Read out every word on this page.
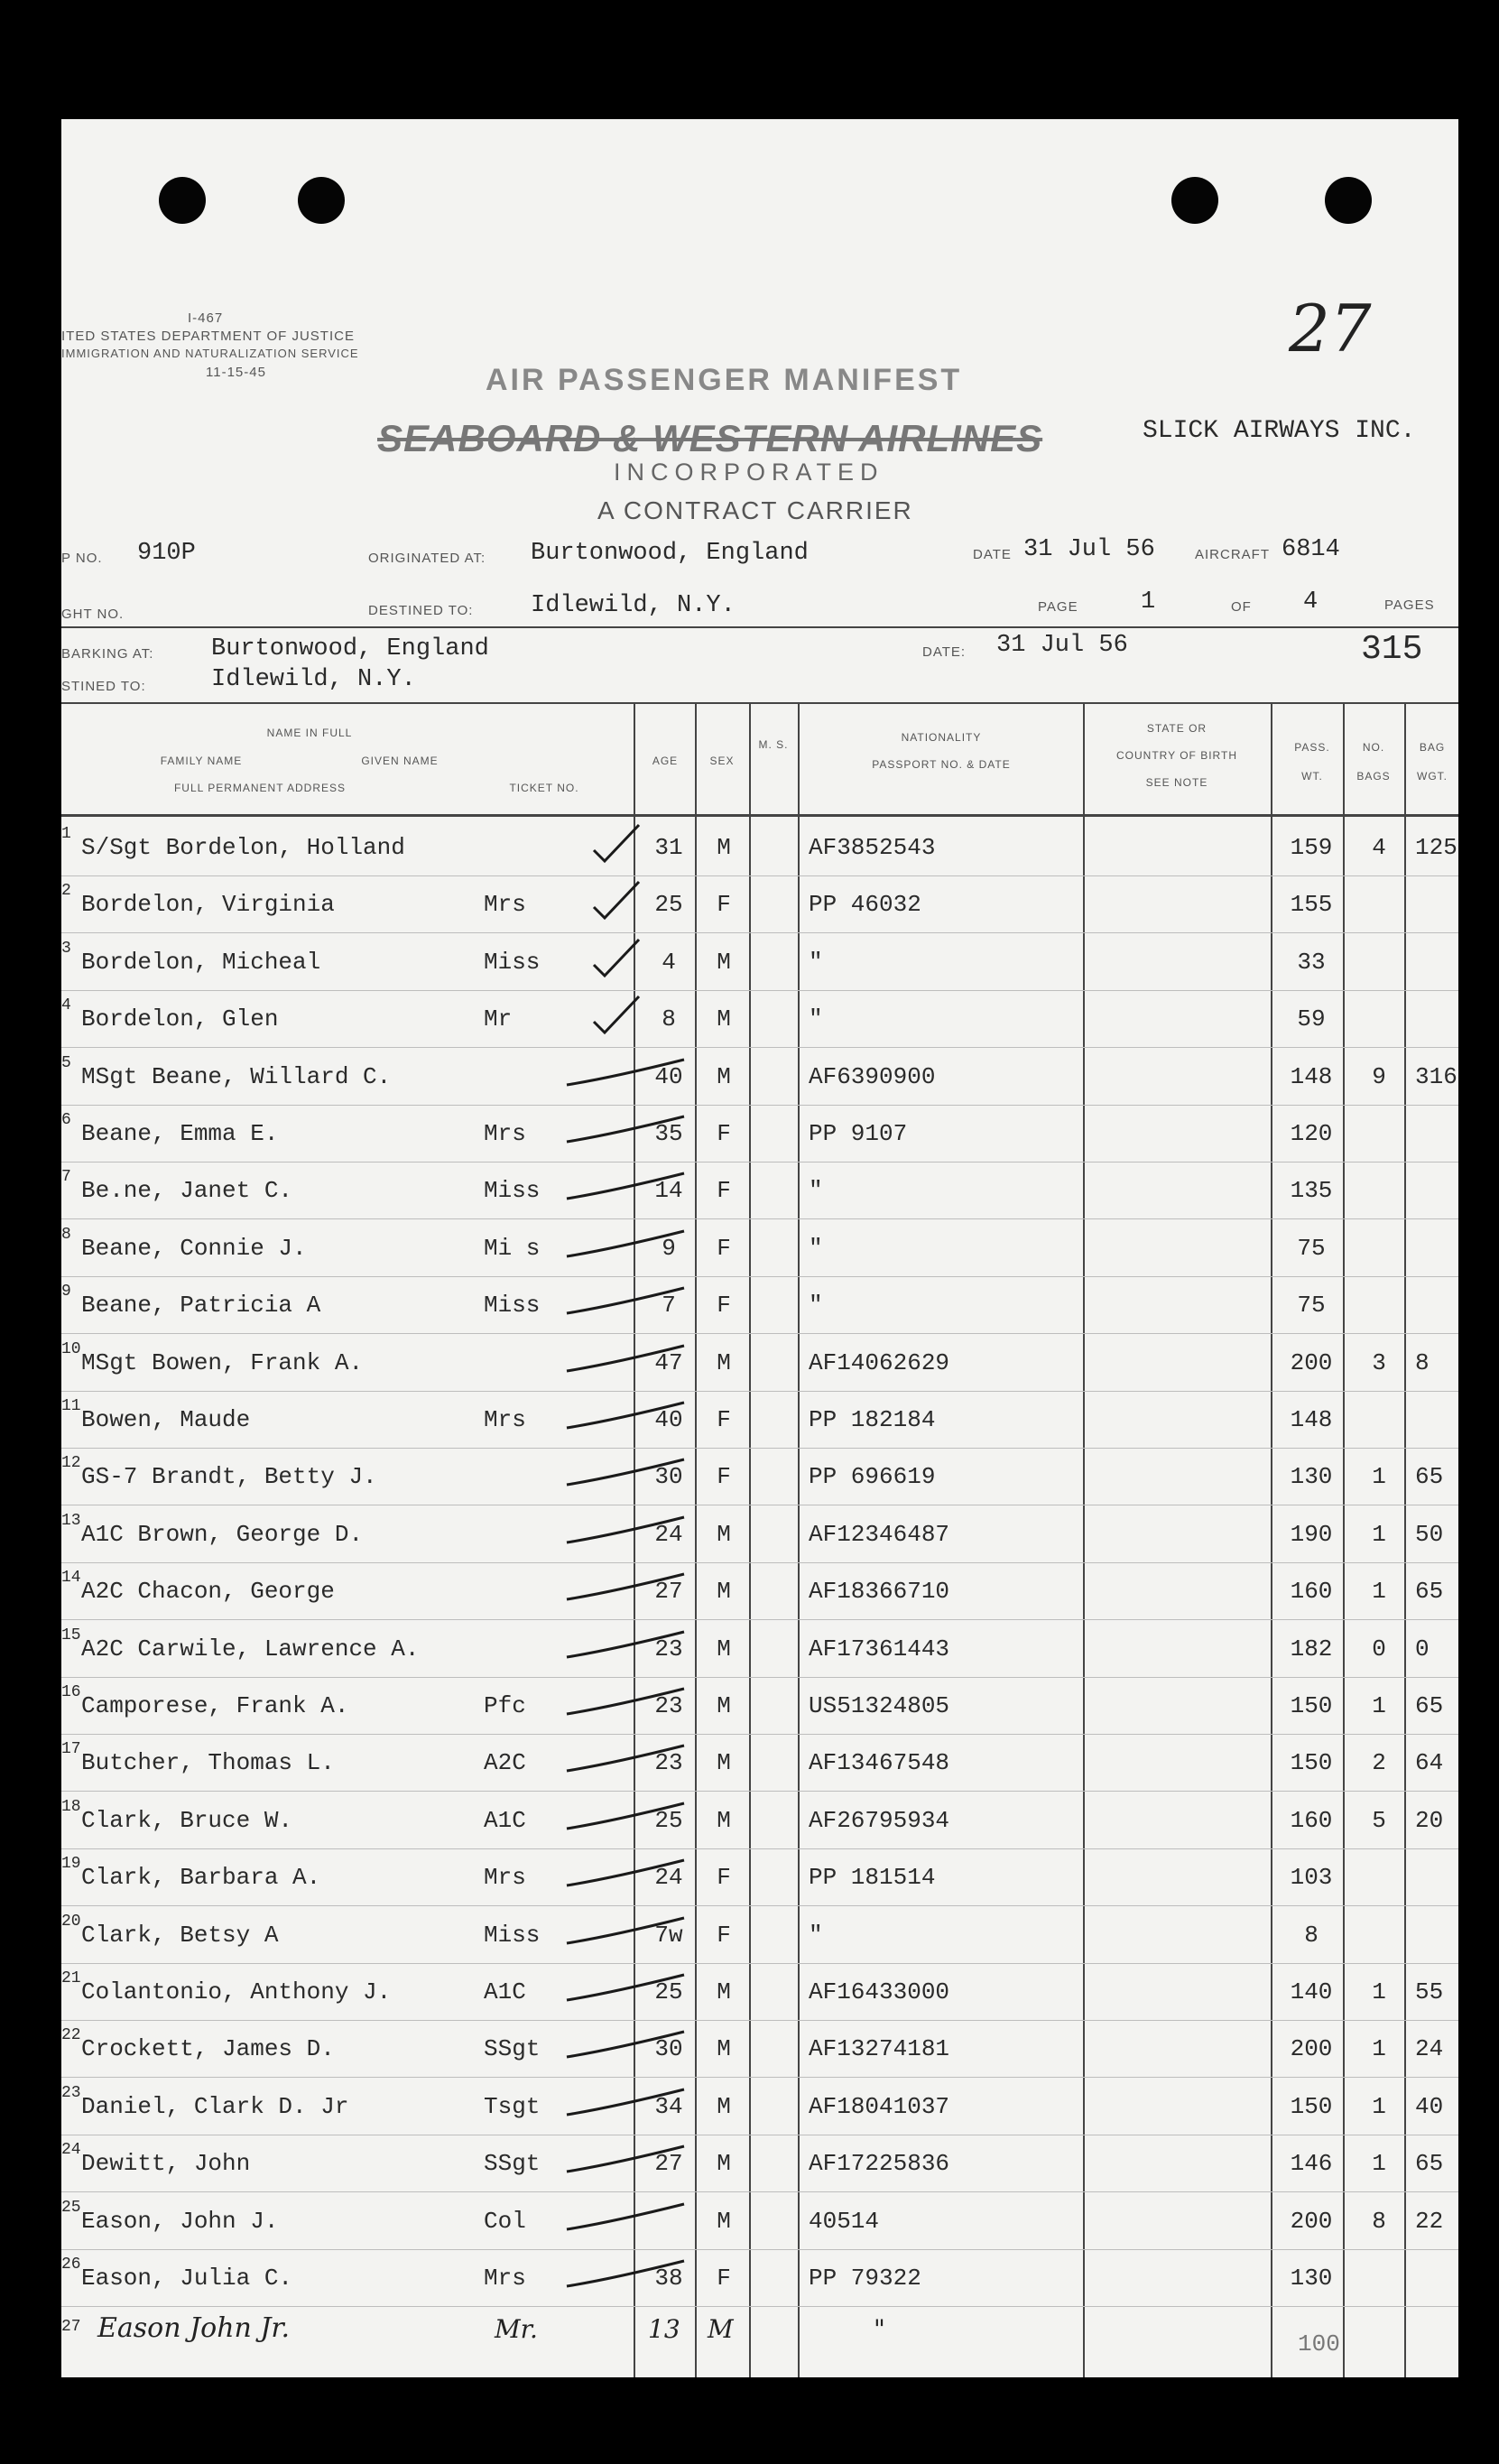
I-467
ITED STATES DEPARTMENT OF JUSTICE
IMMIGRATION AND NATURALIZATION SERVICE
11-15-45
27
AIR PASSENGER MANIFEST
SEABOARD & WESTERN AIRLINES	SLICK AIRWAYS INC.
INCORPORATED
A CONTRACT CARRIER
P NO. 910P	ORIGINATED AT: Burtonwood, England	DATE 31 Jul 56	AIRCRAFT 6814
GHT NO.	DESTINED TO: Idlewild, N.Y.	PAGE	1	OF 4	PAGES
BARKING AT: Burtonwood, England	DATE: 31 Jul 56	315
STINED TO:	Idlewild, N.Y.
NAME IN FULL
FAMILY NAME	GIVEN NAME
FULL PERMANENT ADDRESS	TICKET NO.
AGE	SEX
M. S.
NATIONALITY
PASSPORT NO. & DATE
STATE OR
COUNTRY OF BIRTH
SEE NOTE
PASS. WT.
NO. BAGS
BAG WGT.
1 S/Sgt Bordelon, Holland	31	M	AF3852543	159	4	125
2 Bordelon, Virginia	Mrs	25	F	PP 46032	155
3 Bordelon, Micheal	Miss	4	M	"	33
4 Bordelon, Glen	Mr	8	M	"	59
5 MSgt Beane, Willard C.	40	M	AF6390900	148	9	316
6 Beane, Emma E.	Mrs	35	F	PP 9107	120
7 Be.ne, Janet C.	Miss	14	F	"	135
8 Beane, Connie J.	Mi s	9	F	"	75
9 Beane, Patricia A	Miss	7	F	"	75
10 MSgt Bowen, Frank A.	47	M	AF14062629	200	3	8
11 Bowen, Maude	Mrs	40	F	PP 182184	148
12 GS-7 Brandt, Betty J.	30	F	PP 696619	130	1	65
13 A1C Brown, George D.	24	M	AF12346487	190	1	50
14 A2C Chacon, George	27	M	AF18366710	160	1	65
15 A2C Carwile, Lawrence A.	23	M	AF17361443	182	0	0
16 Camporese, Frank A.	Pfc	23	M	US51324805	150	1	65
17 Butcher, Thomas L.	A2C	23	M	AF13467548	150	2	64
18 Clark, Bruce W.	A1C	25	M	AF26795934	160	5	20
19 Clark, Barbara A.	Mrs	24	F	PP 181514	103
20 Clark, Betsy A	Miss	7w	F	"	8
21 Colantonio, Anthony J.	A1C	25	M	AF16433000	140	1	55
22 Crockett, James D.	SSgt	30	M	AF13274181	200	1	24
23 Daniel, Clark D. Jr	Tsgt	34	M	AF18041037	150	1	40
24 Dewitt, John	SSgt	27	M	AF17225836	146	1	65
25 Eason, John J.	Col	M	40514	200	8	22
26 Eason, Julia C.	Mrs	38	F	PP 79322	130
27 Eason John Jr.	Mr.	13 M	"	100
